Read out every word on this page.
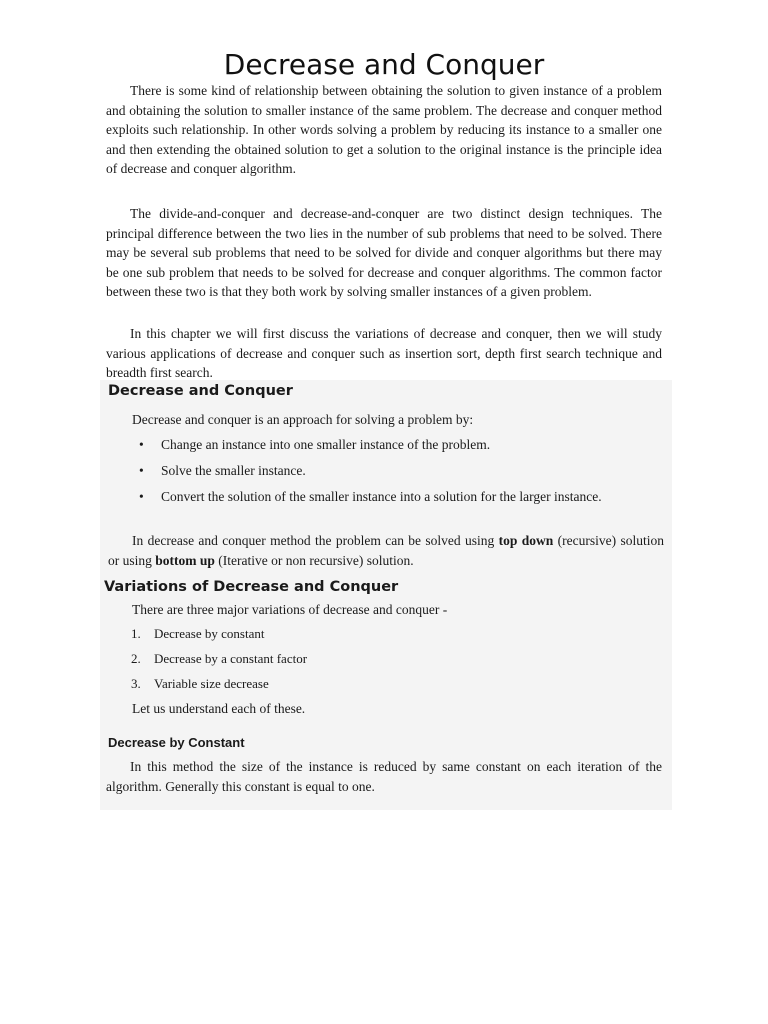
Decrease and Conquer

There is some kind of relationship between obtaining the solution to given instance of a problem and obtaining the solution to smaller instance of the same problem. The decrease and conquer method exploits such relationship. In other words solving a problem by reducing its instance to a smaller one and then extending the obtained solution to get a solution to the original instance is the principle idea of decrease and conquer algorithm.

The divide-and-conquer and decrease-and-conquer are two distinct design techniques. The principal difference between the two lies in the number of sub problems that need to be solved. There may be several sub problems that need to be solved for divide and conquer algorithms but there may be one sub problem that needs to be solved for decrease and conquer algorithms. The common factor between these two is that they both work by solving smaller instances of a given problem.

In this chapter we will first discuss the variations of decrease and conquer, then we will study various applications of decrease and conquer such as insertion sort, depth first search technique and breadth first search.

Decrease and Conquer

Decrease and conquer is an approach for solving a problem by:

• Change an instance into one smaller instance of the problem.
• Solve the smaller instance.
• Convert the solution of the smaller instance into a solution for the larger instance.

In decrease and conquer method the problem can be solved using top down (recursive) solution or using bottom up (Iterative or non recursive) solution.

Variations of Decrease and Conquer

There are three major variations of decrease and conquer -

1. Decrease by constant
2. Decrease by a constant factor
3. Variable size decrease

Let us understand each of these.

Decrease by Constant

In this method the size of the instance is reduced by same constant on each iteration of the algorithm. Generally this constant is equal to one.
